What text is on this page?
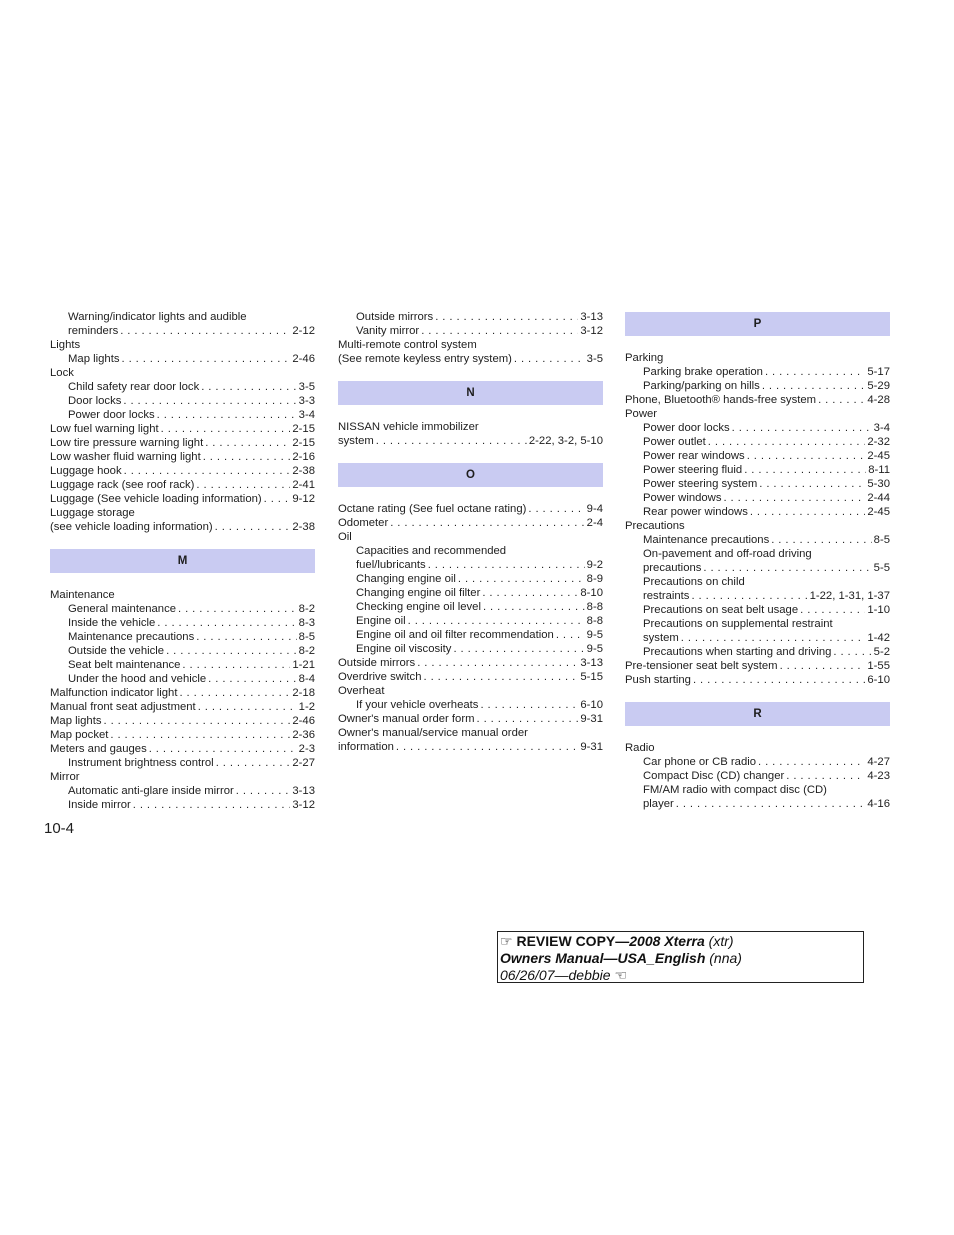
Warning/indicator lights and audible
reminders . . .	2-12
Lights
Map lights . . .	2-46
Lock
Child safety rear door lock . . .	3-5
Door locks . . .	3-3
Power door locks . . .	3-4
Low fuel warning light . . .	2-15
Low tire pressure warning light . . .	2-15
Low washer fluid warning light . . .	2-16
Luggage hook . . .	2-38
Luggage rack (see roof rack) . . .	2-41
Luggage (See vehicle loading information) . . .	9-12
Luggage storage
(see vehicle loading information) . . .	2-38
M
Maintenance
General maintenance . . .	8-2
Inside the vehicle . . .	8-3
Maintenance precautions . . .	8-5
Outside the vehicle . . .	8-2
Seat belt maintenance . . .	1-21
Under the hood and vehicle . . .	8-4
Malfunction indicator light . . .	2-18
Manual front seat adjustment . . .	1-2
Map lights . . .	2-46
Map pocket . . .	2-36
Meters and gauges . . .	2-3
Instrument brightness control . . .	2-27
Mirror
Automatic anti-glare inside mirror . . .	3-13
Inside mirror . . .	3-12
Outside mirrors . . .	3-13
Vanity mirror . . .	3-12
Multi-remote control system
(See remote keyless entry system) . . .	3-5
N
NISSAN vehicle immobilizer
system . . .	2-22, 3-2, 5-10
O
Octane rating (See fuel octane rating) . . .	9-4
Odometer . . .	2-4
Oil
Capacities and recommended
fuel/lubricants . . .	9-2
Changing engine oil . . .	8-9
Changing engine oil filter . . .	8-10
Checking engine oil level . . .	8-8
Engine oil . . .	8-8
Engine oil and oil filter recommendation . . .	9-5
Engine oil viscosity . . .	9-5
Outside mirrors . . .	3-13
Overdrive switch . . .	5-15
Overheat
If your vehicle overheats . . .	6-10
Owner's manual order form . . .	9-31
Owner's manual/service manual order
information . . .	9-31
P
Parking
Parking brake operation . . .	5-17
Parking/parking on hills . . .	5-29
Phone, Bluetooth® hands-free system . . .	4-28
Power
Power door locks . . .	3-4
Power outlet . . .	2-32
Power rear windows . . .	2-45
Power steering fluid . . .	8-11
Power steering system . . .	5-30
Power windows . . .	2-44
Rear power windows . . .	2-45
Precautions
Maintenance precautions . . .	8-5
On-pavement and off-road driving
precautions . . .	5-5
Precautions on child
restraints . . .	1-22, 1-31, 1-37
Precautions on seat belt usage . . .	1-10
Precautions on supplemental restraint
system . . .	1-42
Precautions when starting and driving . . .	5-2
Pre-tensioner seat belt system . . .	1-55
Push starting . . .	6-10
R
Radio
Car phone or CB radio . . .	4-27
Compact Disc (CD) changer . . .	4-23
FM/AM radio with compact disc (CD)
player . . .	4-16
10-4
☞ REVIEW COPY—2008 Xterra (xtr)
Owners Manual—USA_English (nna)
06/26/07—debbie ☜
